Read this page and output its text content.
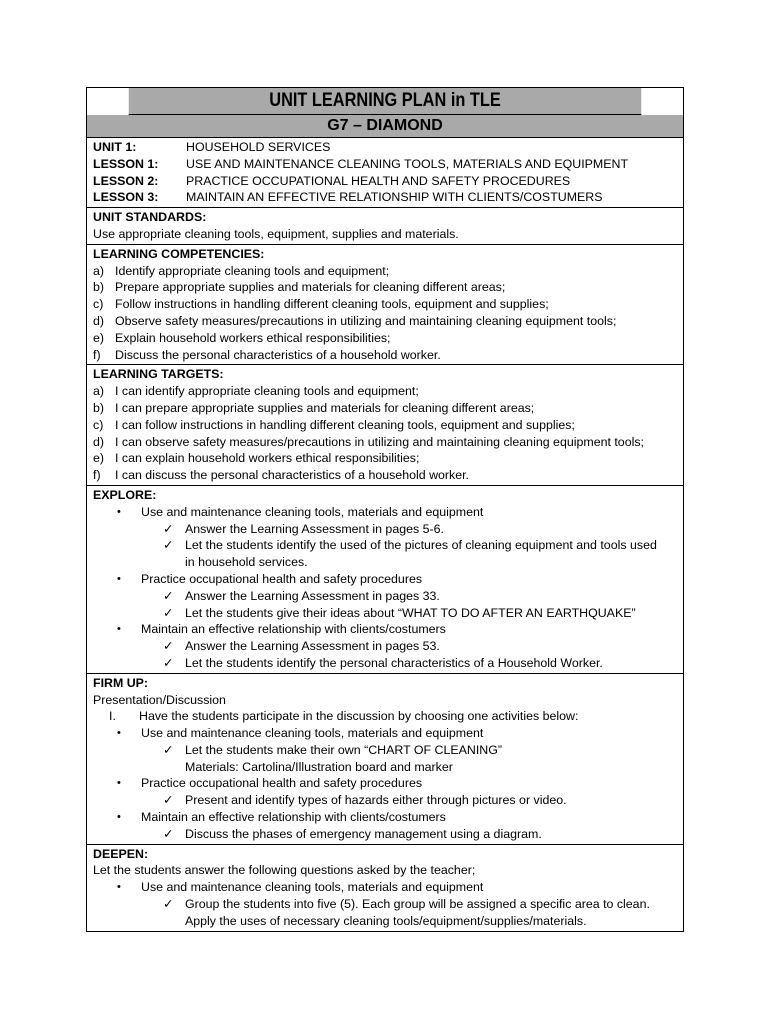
UNIT LEARNING PLAN in TLE
G7 – DIAMOND
UNIT 1:	HOUSEHOLD SERVICES
LESSON 1:	USE AND MAINTENANCE CLEANING TOOLS, MATERIALS AND EQUIPMENT
LESSON 2:	PRACTICE OCCUPATIONAL HEALTH AND SAFETY PROCEDURES
LESSON 3:	MAINTAIN AN EFFECTIVE RELATIONSHIP WITH CLIENTS/COSTUMERS
UNIT STANDARDS:
Use appropriate cleaning tools, equipment, supplies and materials.
LEARNING COMPETENCIES:
a) Identify appropriate cleaning tools and equipment;
b) Prepare appropriate supplies and materials for cleaning different areas;
c) Follow instructions in handling different cleaning tools, equipment and supplies;
d) Observe safety measures/precautions in utilizing and maintaining cleaning equipment tools;
e) Explain household workers ethical responsibilities;
f)	Discuss the personal characteristics of a household worker.
LEARNING TARGETS:
a) I can identify appropriate cleaning tools and equipment;
b) I can prepare appropriate supplies and materials for cleaning different areas;
c) I can follow instructions in handling different cleaning tools, equipment and supplies;
d) I can observe safety measures/precautions in utilizing and maintaining cleaning equipment tools;
e) I can explain household workers ethical responsibilities;
f)	I can discuss the personal characteristics of a household worker.
EXPLORE:
•	Use and maintenance cleaning tools, materials and equipment
✓ Answer the Learning Assessment in pages 5-6.
✓ Let the students identify the used of the pictures of cleaning equipment and tools used
in household services.
•	Practice occupational health and safety procedures
✓ Answer the Learning Assessment in pages 33.
✓ Let the students give their ideas about “WHAT TO DO AFTER AN EARTHQUAKE”
•	Maintain an effective relationship with clients/costumers
✓ Answer the Learning Assessment in pages 53.
✓ Let the students identify the personal characteristics of a Household Worker.
FIRM UP:
Presentation/Discussion
I.	Have the students participate in the discussion by choosing one activities below:
•	Use and maintenance cleaning tools, materials and equipment
✓ Let the students make their own “CHART OF CLEANING”
Materials: Cartolina/Illustration board and marker
•	Practice occupational health and safety procedures
✓ Present and identify types of hazards either through pictures or video.
•	Maintain an effective relationship with clients/costumers
✓ Discuss the phases of emergency management using a diagram.
DEEPEN:
Let the students answer the following questions asked by the teacher;
•	Use and maintenance cleaning tools, materials and equipment
✓ Group the students into five (5). Each group will be assigned a specific area to clean.
Apply the uses of necessary cleaning tools/equipment/supplies/materials.
